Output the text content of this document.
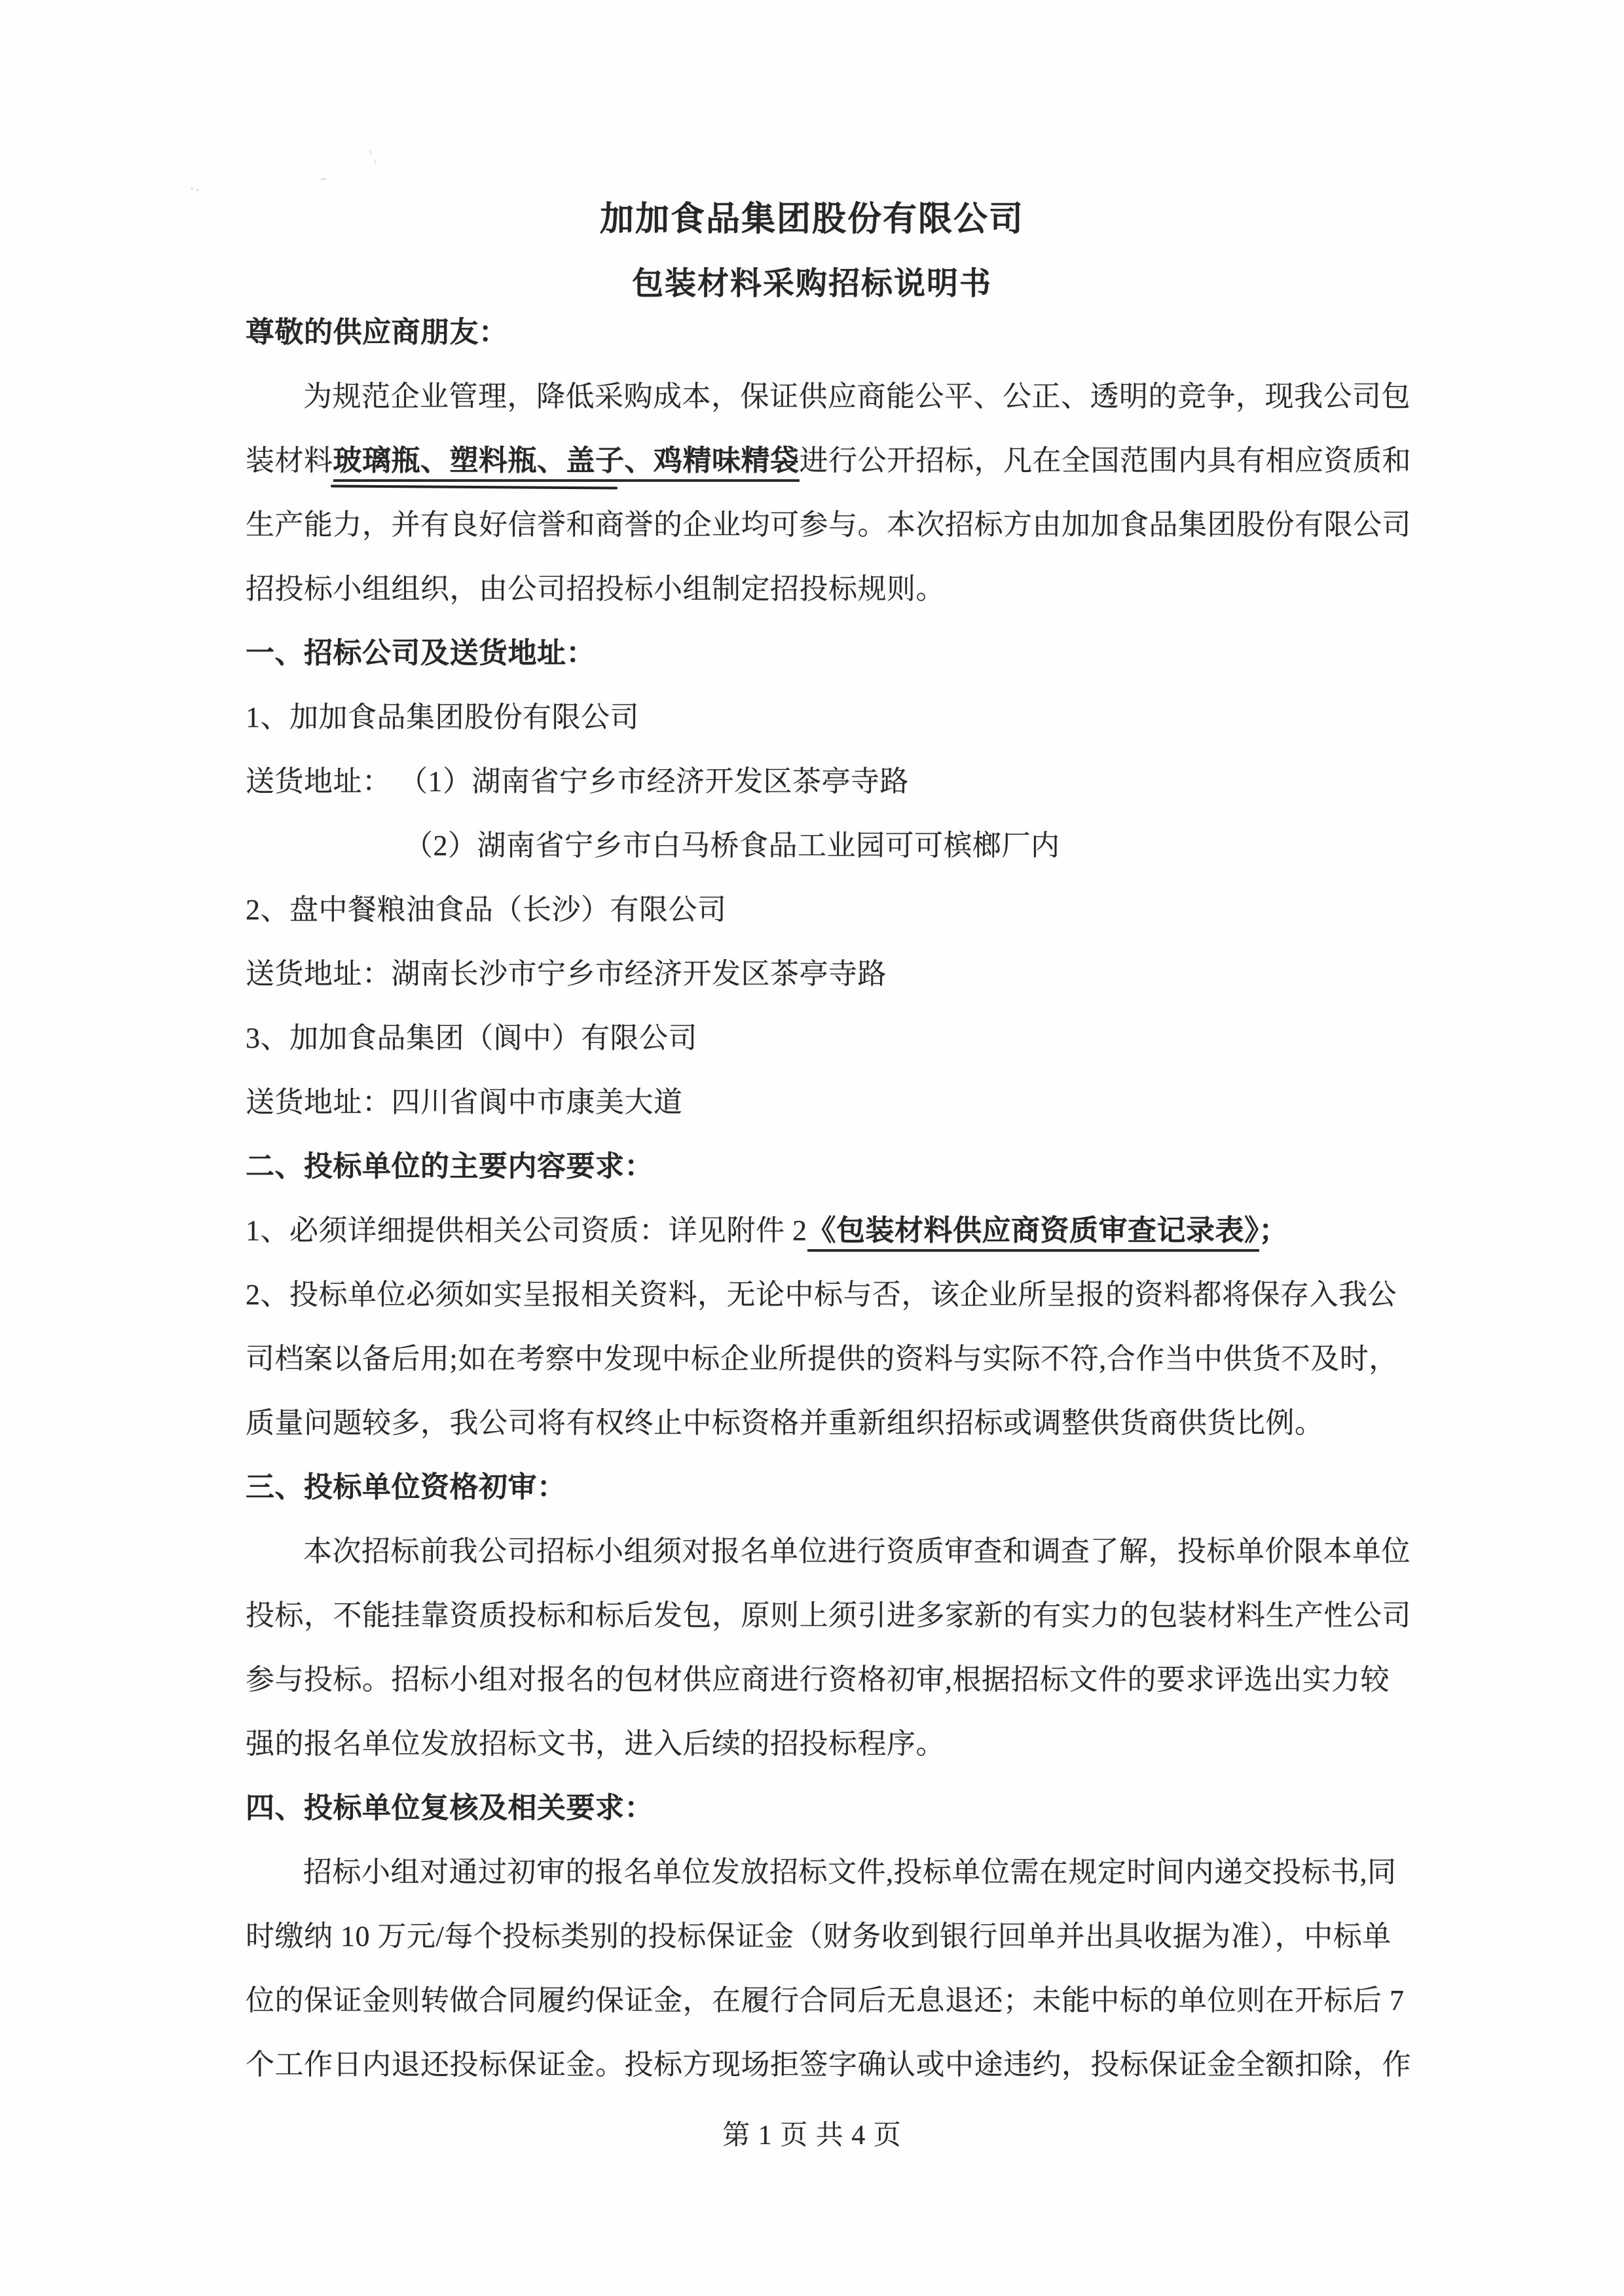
․․
ˍ
ʾˌ
加加食品集团股份有限公司
包装材料采购招标说明书
尊敬的供应商朋友：
为规范企业管理，降低采购成本，保证供应商能公平、公正、透明的竞争，现我公司包
装材料玻璃瓶、塑料瓶、盖子、鸡精味精袋进行公开招标，凡在全国范围内具有相应资质和
生产能力，并有良好信誉和商誉的企业均可参与。本次招标方由加加食品集团股份有限公司
招投标小组组织，由公司招投标小组制定招投标规则。
一、招标公司及送货地址：
1、加加食品集团股份有限公司
送货地址： （1）湖南省宁乡市经济开发区茶亭寺路
（2）湖南省宁乡市白马桥食品工业园可可槟榔厂内
2、盘中餐粮油食品（长沙）有限公司
送货地址：湖南长沙市宁乡市经济开发区茶亭寺路
3、加加食品集团（阆中）有限公司
送货地址：四川省阆中市康美大道
二、投标单位的主要内容要求：
1、必须详细提供相关公司资质：详见附件 2《包装材料供应商资质审查记录表》；
2、投标单位必须如实呈报相关资料，无论中标与否，该企业所呈报的资料都将保存入我公
司档案以备后用;如在考察中发现中标企业所提供的资料与实际不符,合作当中供货不及时，
质量问题较多，我公司将有权终止中标资格并重新组织招标或调整供货商供货比例。
三、投标单位资格初审：
本次招标前我公司招标小组须对报名单位进行资质审查和调查了解，投标单价限本单位
投标，不能挂靠资质投标和标后发包，原则上须引进多家新的有实力的包装材料生产性公司
参与投标。招标小组对报名的包材供应商进行资格初审,根据招标文件的要求评选出实力较
强的报名单位发放招标文书，进入后续的招投标程序。
四、投标单位复核及相关要求：
招标小组对通过初审的报名单位发放招标文件,投标单位需在规定时间内递交投标书,同
时缴纳 10 万元/每个投标类别的投标保证金（财务收到银行回单并出具收据为准），中标单
位的保证金则转做合同履约保证金，在履行合同后无息退还；未能中标的单位则在开标后 7
个工作日内退还投标保证金。投标方现场拒签字确认或中途违约，投标保证金全额扣除，作
第 1 页 共 4 页
